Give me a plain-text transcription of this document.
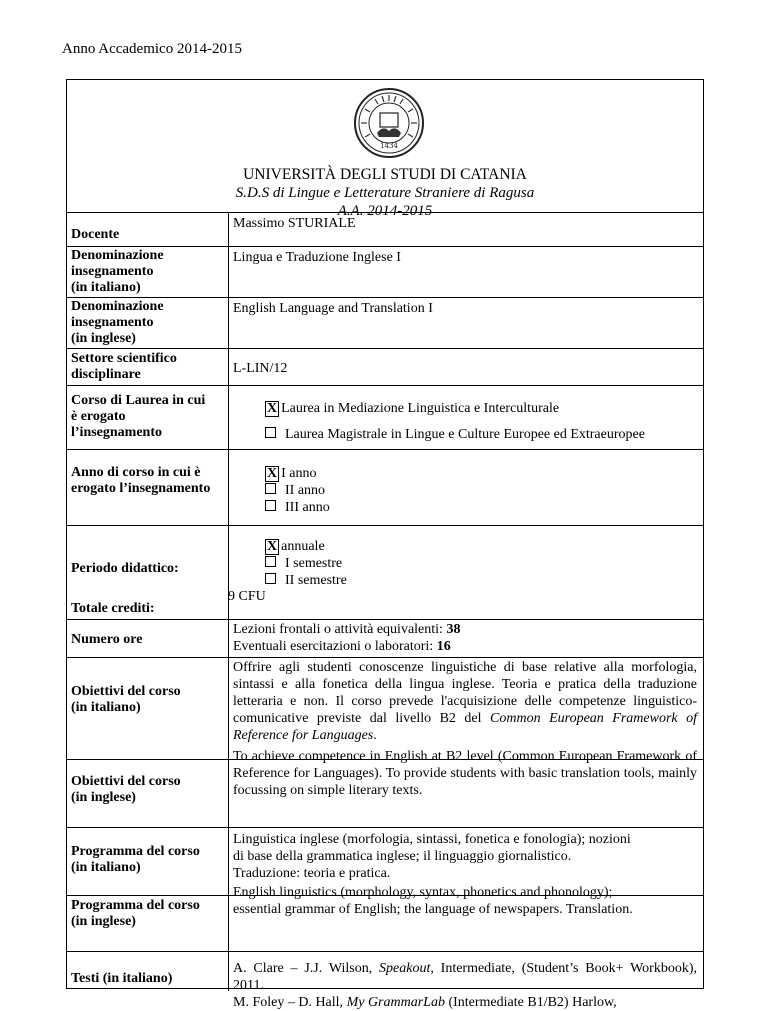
Anno Accademico 2014-2015
1434
UNIVERSITÀ DEGLI STUDI DI CATANIA
S.D.S di Lingue e Letterature Straniere di Ragusa
A.A. 2014-2015
Docente
Massimo STURIALE
Denominazione
insegnamento
(in italiano)
Lingua e Traduzione Inglese I
Denominazione
insegnamento
(in inglese)
English Language and Translation I
Settore scientifico
disciplinare	L-LIN/12
Corso di Laurea in cui
è erogato
l’insegnamento
X Laurea in Mediazione Linguistica e Interculturale
Laurea Magistrale in Lingue e Culture Europee ed Extraeuropee
Anno di corso in cui è
erogato l’insegnamento
X I anno
II anno
III anno
Periodo didattico:
X annuale
I semestre
II semestre
Totale crediti:
9 CFU
Numero ore
Lezioni frontali o attività equivalenti: 38
Eventuali esercitazioni o laboratori: 16
Obiettivi del corso
(in italiano)
Offrire agli studenti conoscenze linguistiche di base relative alla morfologia, sintassi e alla fonetica della lingua inglese. Teoria e pratica della traduzione letteraria e non. Il corso prevede l'acquisizione delle competenze linguistico-comunicative previste dal livello B2 del Common European Framework of Reference for Languages.
Obiettivi del corso
(in inglese)
To achieve competence in English at B2 level (Common European Framework of Reference for Languages). To provide students with basic translation tools, mainly focussing on simple literary texts.
Programma del corso
(in italiano)
Linguistica inglese (morfologia, sintassi, fonetica e fonologia); nozioni
di base della grammatica inglese; il linguaggio giornalistico.
Traduzione: teoria e pratica.
Programma del corso
(in inglese)
English linguistics (morphology, syntax, phonetics and phonology);
essential grammar of English; the language of newspapers. Translation.
Testi (in italiano)
A. Clare – J.J. Wilson, Speakout, Intermediate, (Student’s Book+ Workbook), 2011.
M. Foley – D. Hall, My GrammarLab (Intermediate B1/B2) Harlow,
